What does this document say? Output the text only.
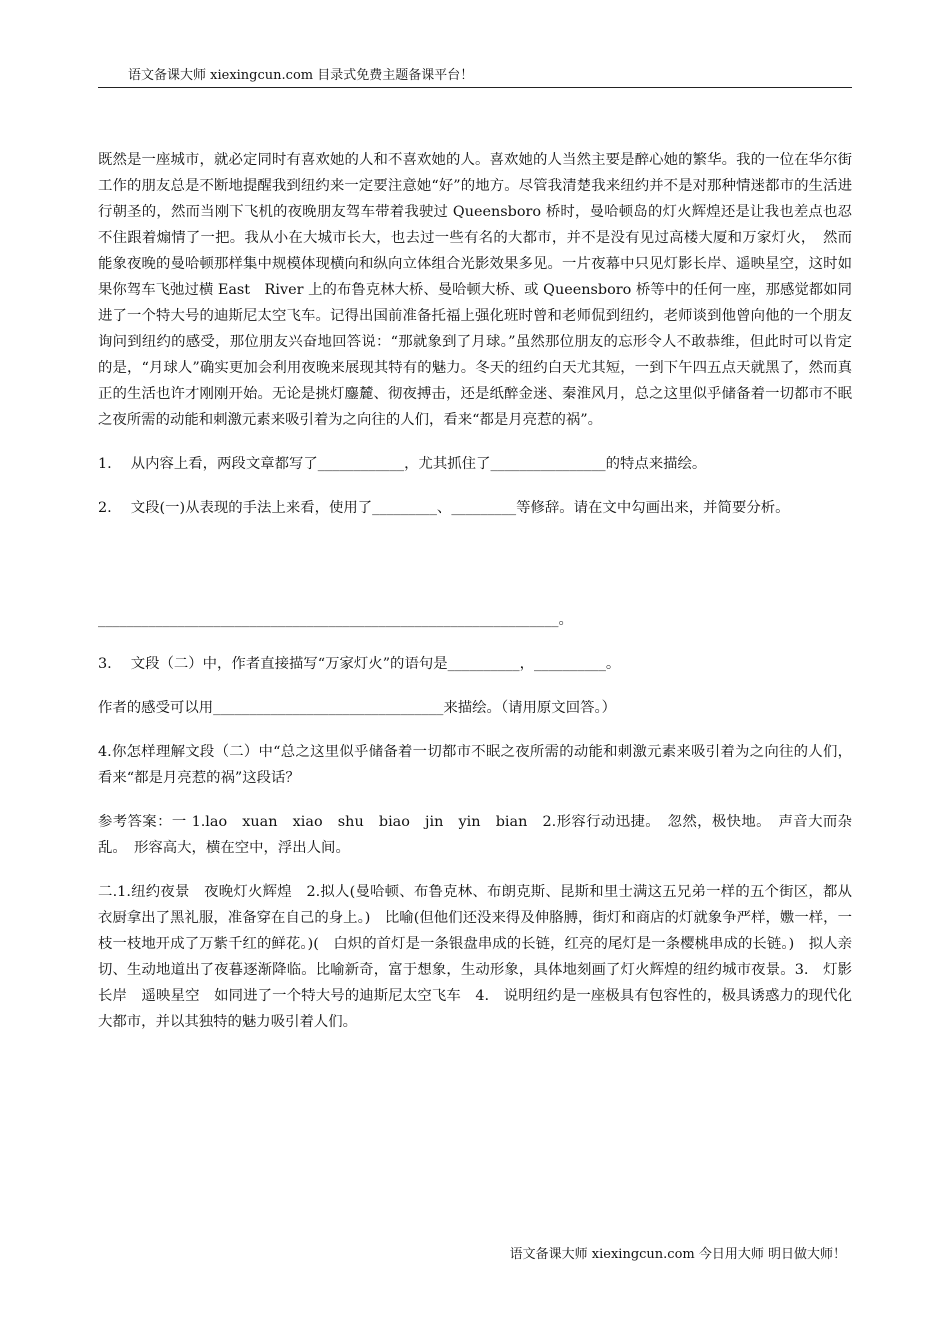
语文备课大师 xiexingcun.com 目录式免费主题备课平台！

既然是一座城市，就必定同时有喜欢她的人和不喜欢她的人。喜欢她的人当然主要是醉心她的繁华。我的一位在华尔街工作的朋友总是不断地提醒我到纽约来一定要注意她“好”的地方。尽管我清楚我来纽约并不是对那种情迷都市的生活进行朝圣的，然而当刚下飞机的夜晚朋友驾车带着我驶过 Queensboro 桥时，曼哈顿岛的灯火辉煌还是让我也差点也忍不住跟着煽情了一把。我从小在大城市长大，也去过一些有名的大都市，并不是没有见过高楼大厦和万家灯火，　然而能象夜晚的曼哈顿那样集中规模体现横向和纵向立体组合光影效果多见。一片夜幕中只见灯影长岸、遥映星空，这时如果你驾车飞弛过横 East　River 上的布鲁克林大桥、曼哈顿大桥、或 Queensboro 桥等中的任何一座，那感觉都如同进了一个特大号的迪斯尼太空飞车。记得出国前准备托福上强化班时曾和老师侃到纽约，老师谈到他曾向他的一个朋友询问到纽约的感受，那位朋友兴奋地回答说：“那就象到了月球。”虽然那位朋友的忘形令人不敢恭维，但此时可以肯定的是，“月球人”确实更加会利用夜晚来展现其特有的魅力。冬天的纽约白天尤其短，一到下午四五点天就黑了，然而真正的生活也许才刚刚开始。无论是挑灯鏖麓、彻夜搏击，还是纸醉金迷、秦淮风月，总之这里似乎储备着一切都市不眠之夜所需的动能和刺激元素来吸引着为之向往的人们，看来“都是月亮惹的祸”。

1.　 从内容上看，两段文章都写了____________，尤其抓住了________________的特点来描绘。

2.　 文段(一)从表现的手法上来看，使用了_________、_________等修辞。请在文中勾画出来，并简要分析。

________________________________________________________________。

3.　 文段（二）中，作者直接描写“万家灯火”的语句是__________，__________。

作者的感受可以用________________________________来描绘。（请用原文回答。）

4.你怎样理解文段（二）中“总之这里似乎储备着一切都市不眠之夜所需的动能和刺激元素来吸引着为之向往的人们，看来“都是月亮惹的祸”这段话？

参考答案：一 1.lao　xuan　xiao　shu　biao　jin　yin　bian　2.形容行动迅捷。　忽然，极快地。　声音大而杂乱。　形容高大，横在空中，浮出人间。

二.1.纽约夜景　夜晚灯火辉煌　2.拟人(曼哈顿、布鲁克林、布朗克斯、昆斯和里士满这五兄弟一样的五个街区，都从衣厨拿出了黑礼服，准备穿在自己的身上。)　比喻(但他们还没来得及伸胳膊，街灯和商店的灯就象争严样，嫐一样，一枝一枝地开成了万紫千红的鲜花。)(　白炽的首灯是一条银盘串成的长链，红亮的尾灯是一条樱桃串成的长链。)　拟人亲切、生动地道出了夜暮逐渐降临。比喻新奇，富于想象，生动形象，具体地刻画了灯火辉煌的纽约城市夜景。3.　灯影长岸　遥映星空　如同进了一个特大号的迪斯尼太空飞车　4.　说明纽约是一座极具有包容性的，极具诱惑力的现代化大都市，并以其独特的魅力吸引着人们。

语文备课大师 xiexingcun.com 今日用大师 明日做大师！
